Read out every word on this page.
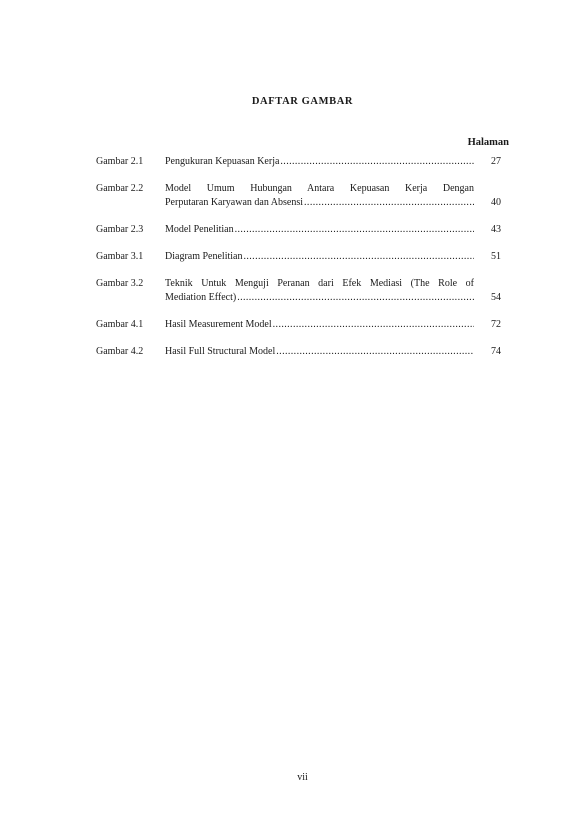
DAFTAR GAMBAR
Halaman
Gambar 2.1	Pengukuran Kepuasan Kerja .....	27
Gambar 2.2	Model Umum Hubungan Antara Kepuasan Kerja Dengan
Perputaran Karyawan dan Absensi .....	40
Gambar 2.3	Model Penelitian .....	43
Gambar 3.1	Diagram Penelitian .....	51
Gambar 3.2	Teknik Untuk Menguji Peranan dari Efek Mediasi (The Role of
Mediation Effect) .....	54
Gambar 4.1	Hasil Measurement Model .....	72
Gambar 4.2	Hasil Full Structural Model .....	74
vii
